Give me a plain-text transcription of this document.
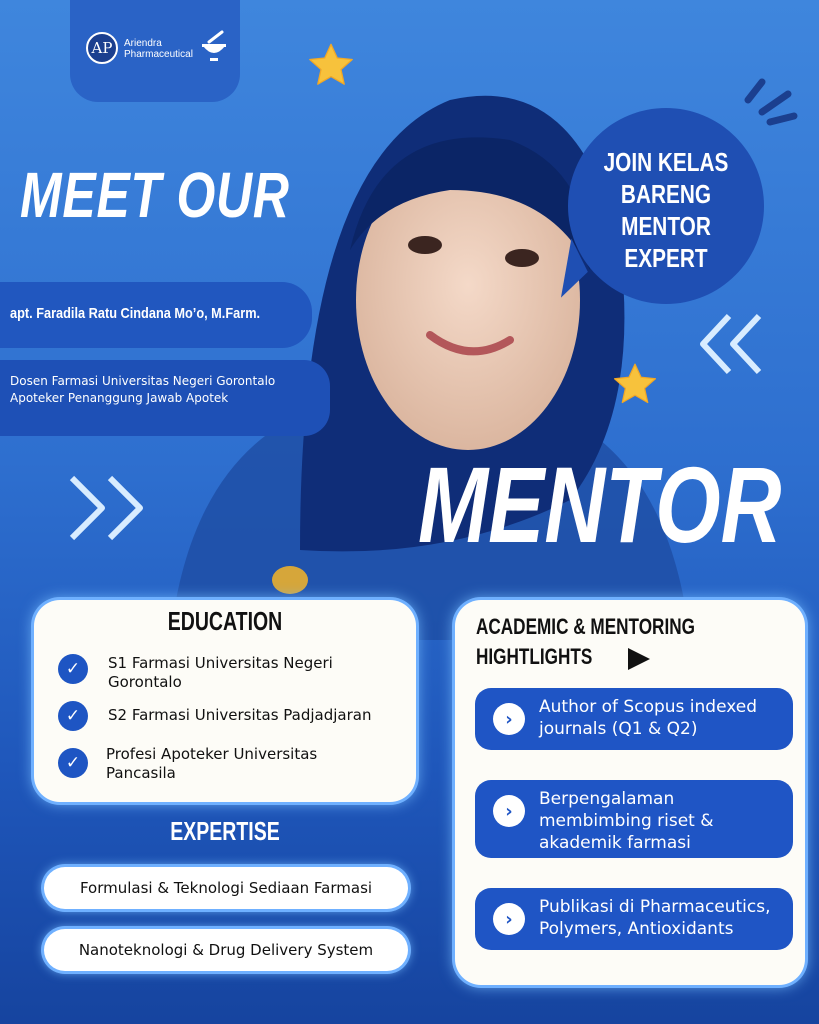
AP	Ariendra
Pharmaceutical
MEET OUR
MENTOR
apt. Faradila Ratu Cindana Mo’o, M.Farm.
Dosen Farmasi Universitas Negeri Gorontalo
Apoteker Penanggung Jawab Apotek
JOIN KELAS
BARENG MENTOR
EXPERT
EDUCATION
✓	S1 Farmasi Universitas Negeri
Gorontalo
✓	S2 Farmasi Universitas Padjadjaran
✓	Profesi Apoteker Universitas
Pancasila
EXPERTISE
Formulasi & Teknologi Sediaan Farmasi
Nanoteknologi & Drug Delivery System
ACADEMIC & MENTORING
HIGHTLIGHTS
›
Author of Scopus indexed
journals (Q1 & Q2)
›
Berpengalaman
membimbing riset &
akademik farmasi
›
Publikasi di Pharmaceutics,
Polymers, Antioxidants
